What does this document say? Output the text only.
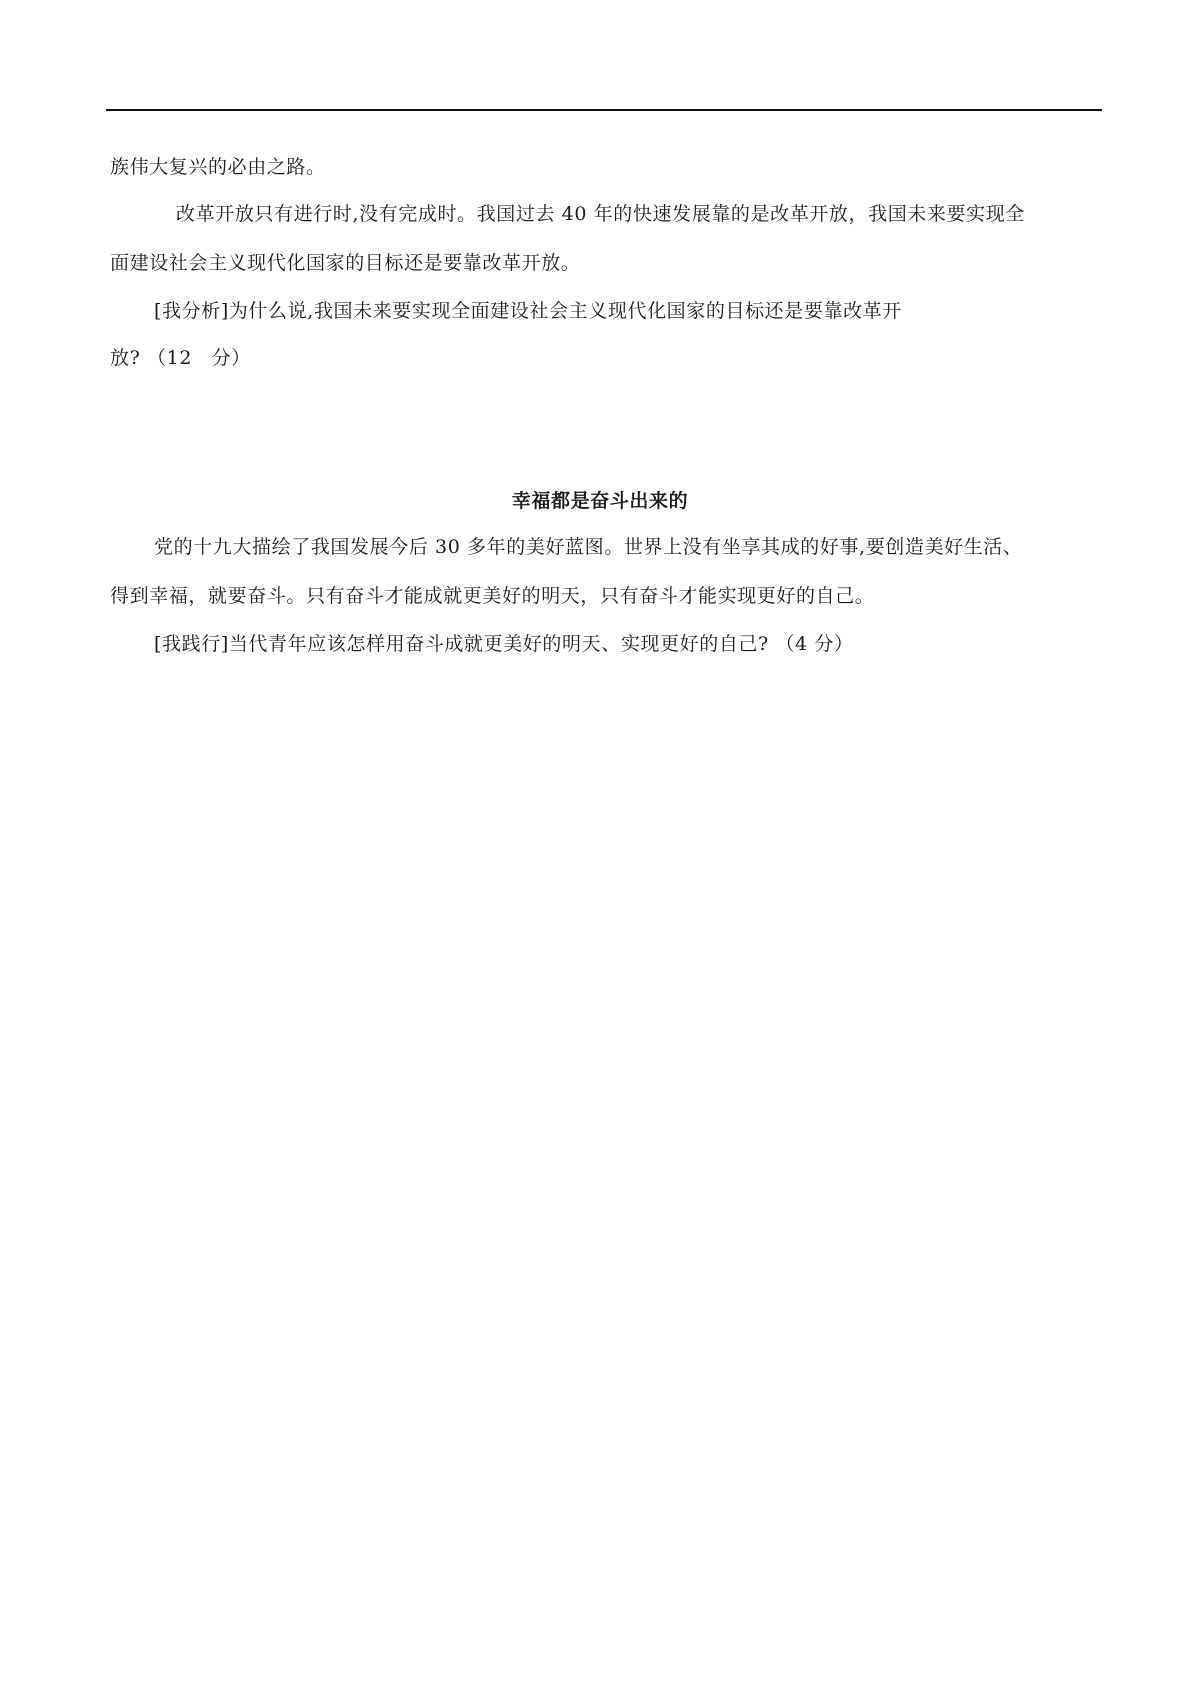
族伟大复兴的必由之路。
改革开放只有进行时,没有完成时。我国过去 40 年的快速发展靠的是改革开放，我国未来要实现全
面建设社会主义现代化国家的目标还是要靠改革开放。
[我分析]为什么说,我国未来要实现全面建设社会主义现代化国家的目标还是要靠改革开
放? （12　分）
幸福都是奋斗出来的
党的十九大描绘了我国发展今后 30 多年的美好蓝图。世界上没有坐享其成的好事,要创造美好生活、
得到幸福，就要奋斗。只有奋斗才能成就更美好的明天，只有奋斗才能实现更好的自己。
[我践行]当代青年应该怎样用奋斗成就更美好的明天、实现更好的自己? （4 分）
